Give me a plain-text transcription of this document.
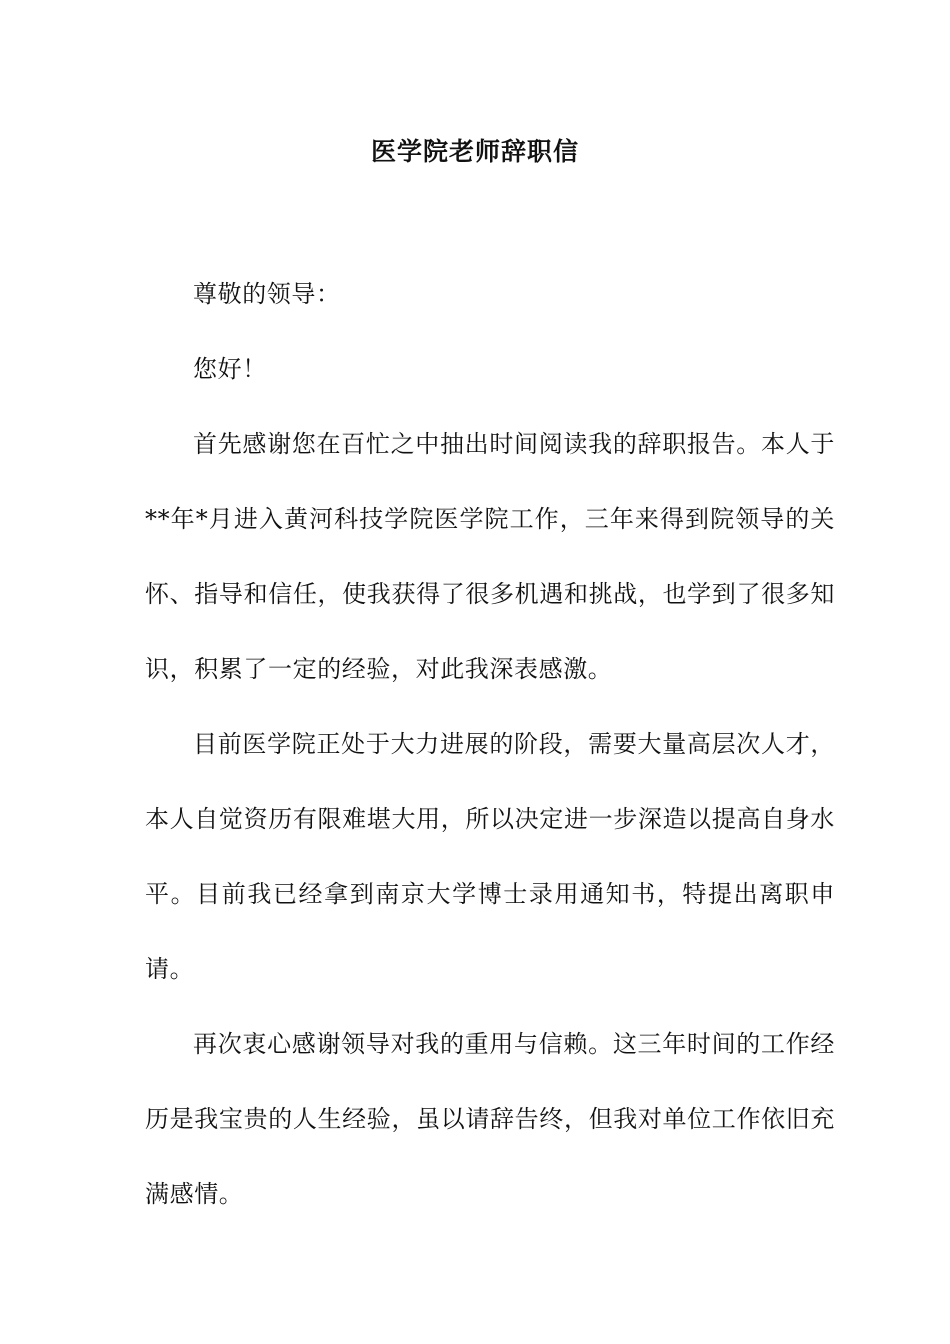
医学院老师辞职信

尊敬的领导：

您好！

首先感谢您在百忙之中抽出时间阅读我的辞职报告。本人于**年*月进入黄河科技学院医学院工作，三年来得到院领导的关怀、指导和信任，使我获得了很多机遇和挑战，也学到了很多知识，积累了一定的经验，对此我深表感激。

目前医学院正处于大力进展的阶段，需要大量高层次人才，本人自觉资历有限难堪大用，所以决定进一步深造以提高自身水平。目前我已经拿到南京大学博士录用通知书，特提出离职申请。

再次衷心感谢领导对我的重用与信赖。这三年时间的工作经历是我宝贵的人生经验，虽以请辞告终，但我对单位工作依旧充满感情。
